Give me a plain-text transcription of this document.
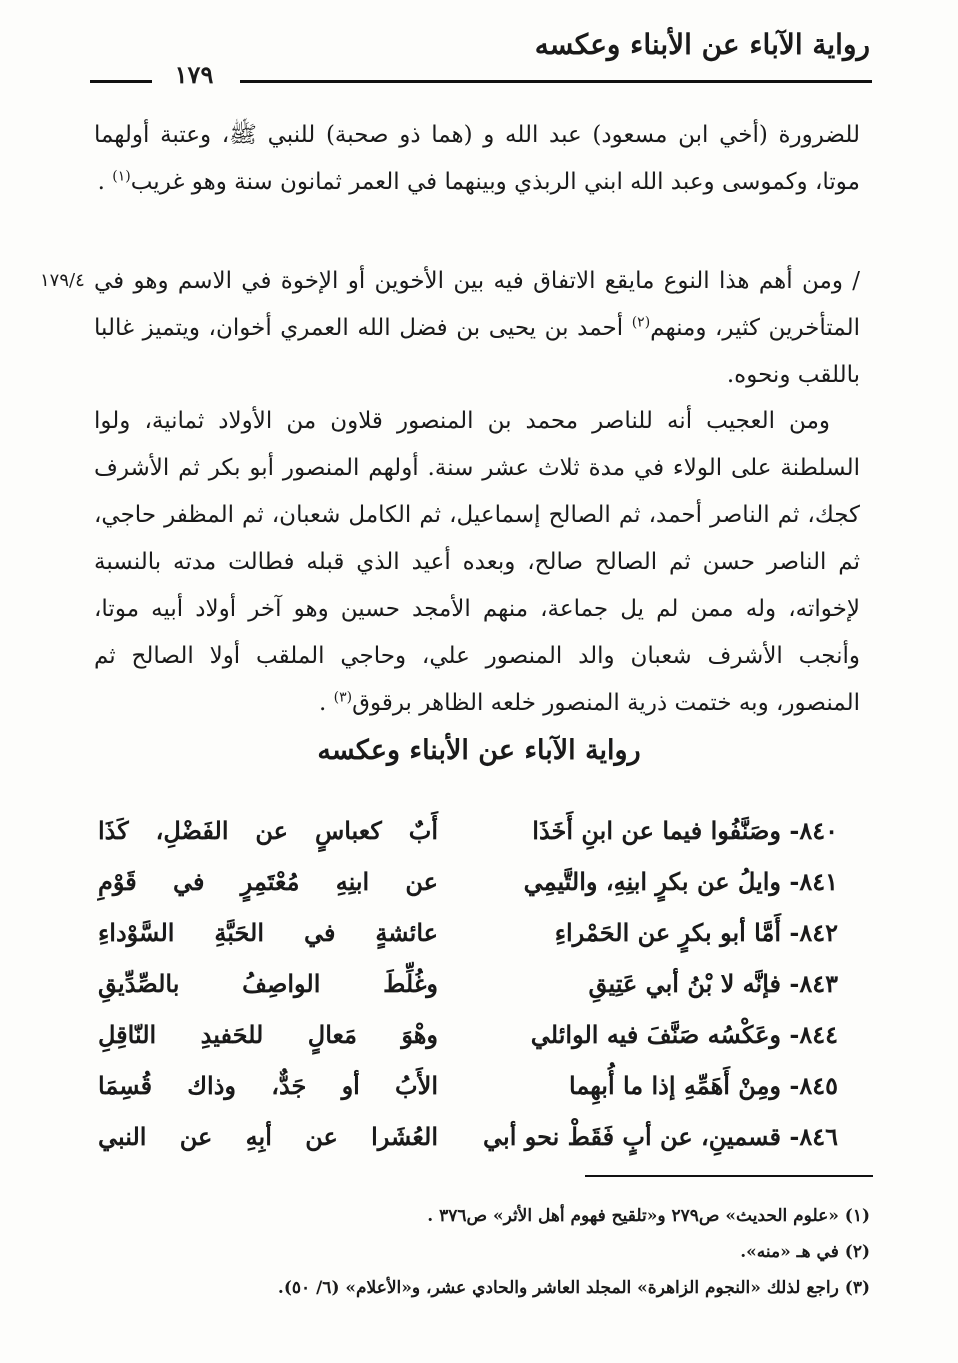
رواية الآباء عن الأبناء وعكسه
١٧٩

للضرورة (أخي ابن مسعود) عبد الله و (هما ذو صحبة) للنبي ﷺ، وعتبة أولهما موتا، وكموسى وعبد الله ابني الربذي وبينهما في العمر ثمانون سنة وهو غريب$^{(١)}$ .

١٧٩/٤ / ومن أهم هذا النوع مايقع الاتفاق فيه بين الأخوين أو الإخوة في الاسم وهو في المتأخرين كثير، ومنهم$^{(٢)}$ أحمد بن يحيى بن فضل الله العمري أخوان، ويتميز غالبا باللقب ونحوه.

ومن العجيب أنه للناصر محمد بن المنصور قلاون من الأولاد ثمانية، ولوا السلطنة على الولاء في مدة ثلاث عشر سنة. أولهم المنصور أبو بكر ثم الأشرف كجك، ثم الناصر أحمد، ثم الصالح إسماعيل، ثم الكامل شعبان، ثم المظفر حاجي، ثم الناصر حسن ثم الصالح صالح، وبعده أعيد الذي قبله فطالت مدته بالنسبة لإخواته، وله ممن لم يل جماعة، منهم الأمجد حسين وهو آخر أولاد أبيه موتا، وأنجب الأشرف شعبان والد المنصور علي، وحاجي الملقب أولا الصالح ثم المنصور، وبه ختمت ذرية المنصور خلعه الظاهر برقوق$^{(٣)}$ .

رواية الآباء عن الأبناء وعكسه
٨٤٠- وصَنَّفُوا فيما عن ابنِ أَخَذَا
أَبٌ كعباسٍ عن الفَضْلِ، كَذَا
٨٤١- وايلُ عن بكرٍ ابنِهِ، والتَّيمِي
عن ابنِهِ مُعْتَمِرٍ في قَوْمِ
٨٤٢- أَمَّا أبو بكرٍ عن الحَمْراءِ
عائشةٍ في الحَبَّةِ السَّوْداءِ
٨٤٣- فإنَّه لا بْنُ أبي عَتِيقِ
وغُلِّطَ الواصِفُ بالصِّدِّيقِ
٨٤٤- وعَكْسُه صَنَّفَ فيه الوائلي
وهْوَ مَعالٍ للحَفيدِ النّاقِلِ
٨٤٥- ومِنْ أَهَمِّهِ إذا ما أُبهِما
الأَبُ أو جَدٌّ، وذاك قُسِمَا
٨٤٦- قسمينِ، عن أبٍ فَقَطْ نحو أبي
العُشَرا عن أبِهِ عن النبي
(١) «علوم الحديث» ص٢٧٩ و«تلقيح فهوم أهل الأثر» ص٣٧٦ .
(٢) في هـ «منه».
(٣) راجع لذلك «النجوم الزاهرة» المجلد العاشر والحادي عشر، و«الأعلام» (٦/ ٥٠).
